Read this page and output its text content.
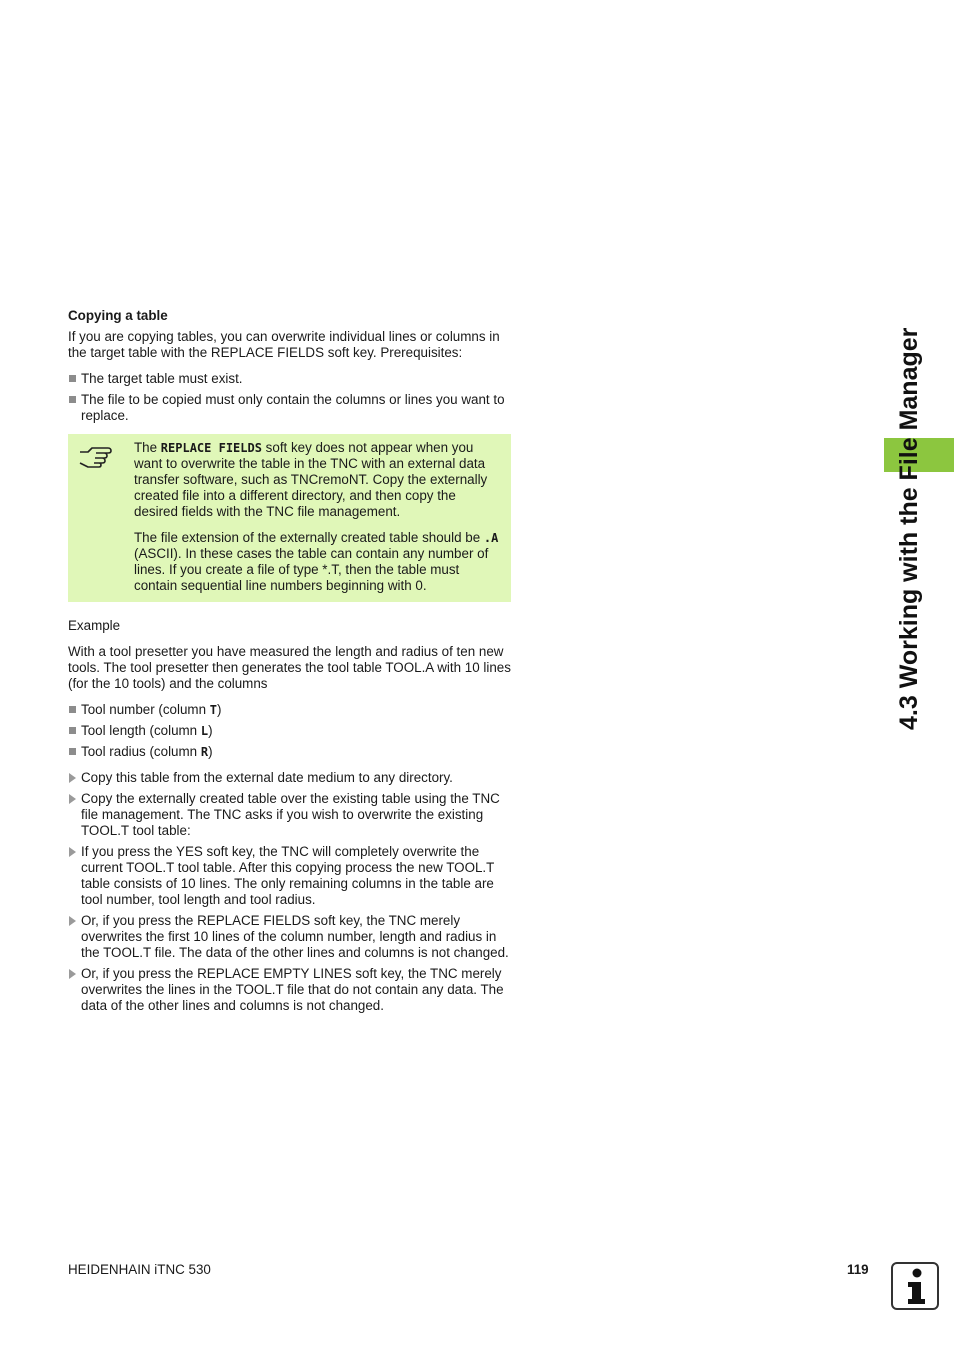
Copying a table

If you are copying tables, you can overwrite individual lines or columns in the target table with the REPLACE FIELDS soft key. Prerequisites:

The target table must exist.
The file to be copied must only contain the columns or lines you want to replace.

The REPLACE FIELDS soft key does not appear when you want to overwrite the table in the TNC with an external data transfer software, such as TNCremoNT. Copy the externally created file into a different directory, and then copy the desired fields with the TNC file management.

The file extension of the externally created table should be .A (ASCII). In these cases the table can contain any number of lines. If you create a file of type *.T, then the table must contain sequential line numbers beginning with 0.

Example

With a tool presetter you have measured the length and radius of ten new tools. The tool presetter then generates the tool table TOOL.A with 10 lines (for the 10 tools) and the columns

Tool number (column T)
Tool length (column L)
Tool radius (column R)
Copy this table from the external date medium to any directory.
Copy the externally created table over the existing table using the TNC file management. The TNC asks if you wish to overwrite the existing TOOL.T tool table:
If you press the YES soft key, the TNC will completely overwrite the current TOOL.T tool table. After this copying process the new TOOL.T table consists of 10 lines. The only remaining columns in the table are tool number, tool length and tool radius.
Or, if you press the REPLACE FIELDS soft key, the TNC merely overwrites the first 10 lines of the column number, length and radius in the TOOL.T file. The data of the other lines and columns is not changed.
Or, if you press the REPLACE EMPTY LINES soft key, the TNC merely overwrites the lines in the TOOL.T file that do not contain any data. The data of the other lines and columns is not changed.
4.3 Working with the File Manager
HEIDENHAIN iTNC 530	119
